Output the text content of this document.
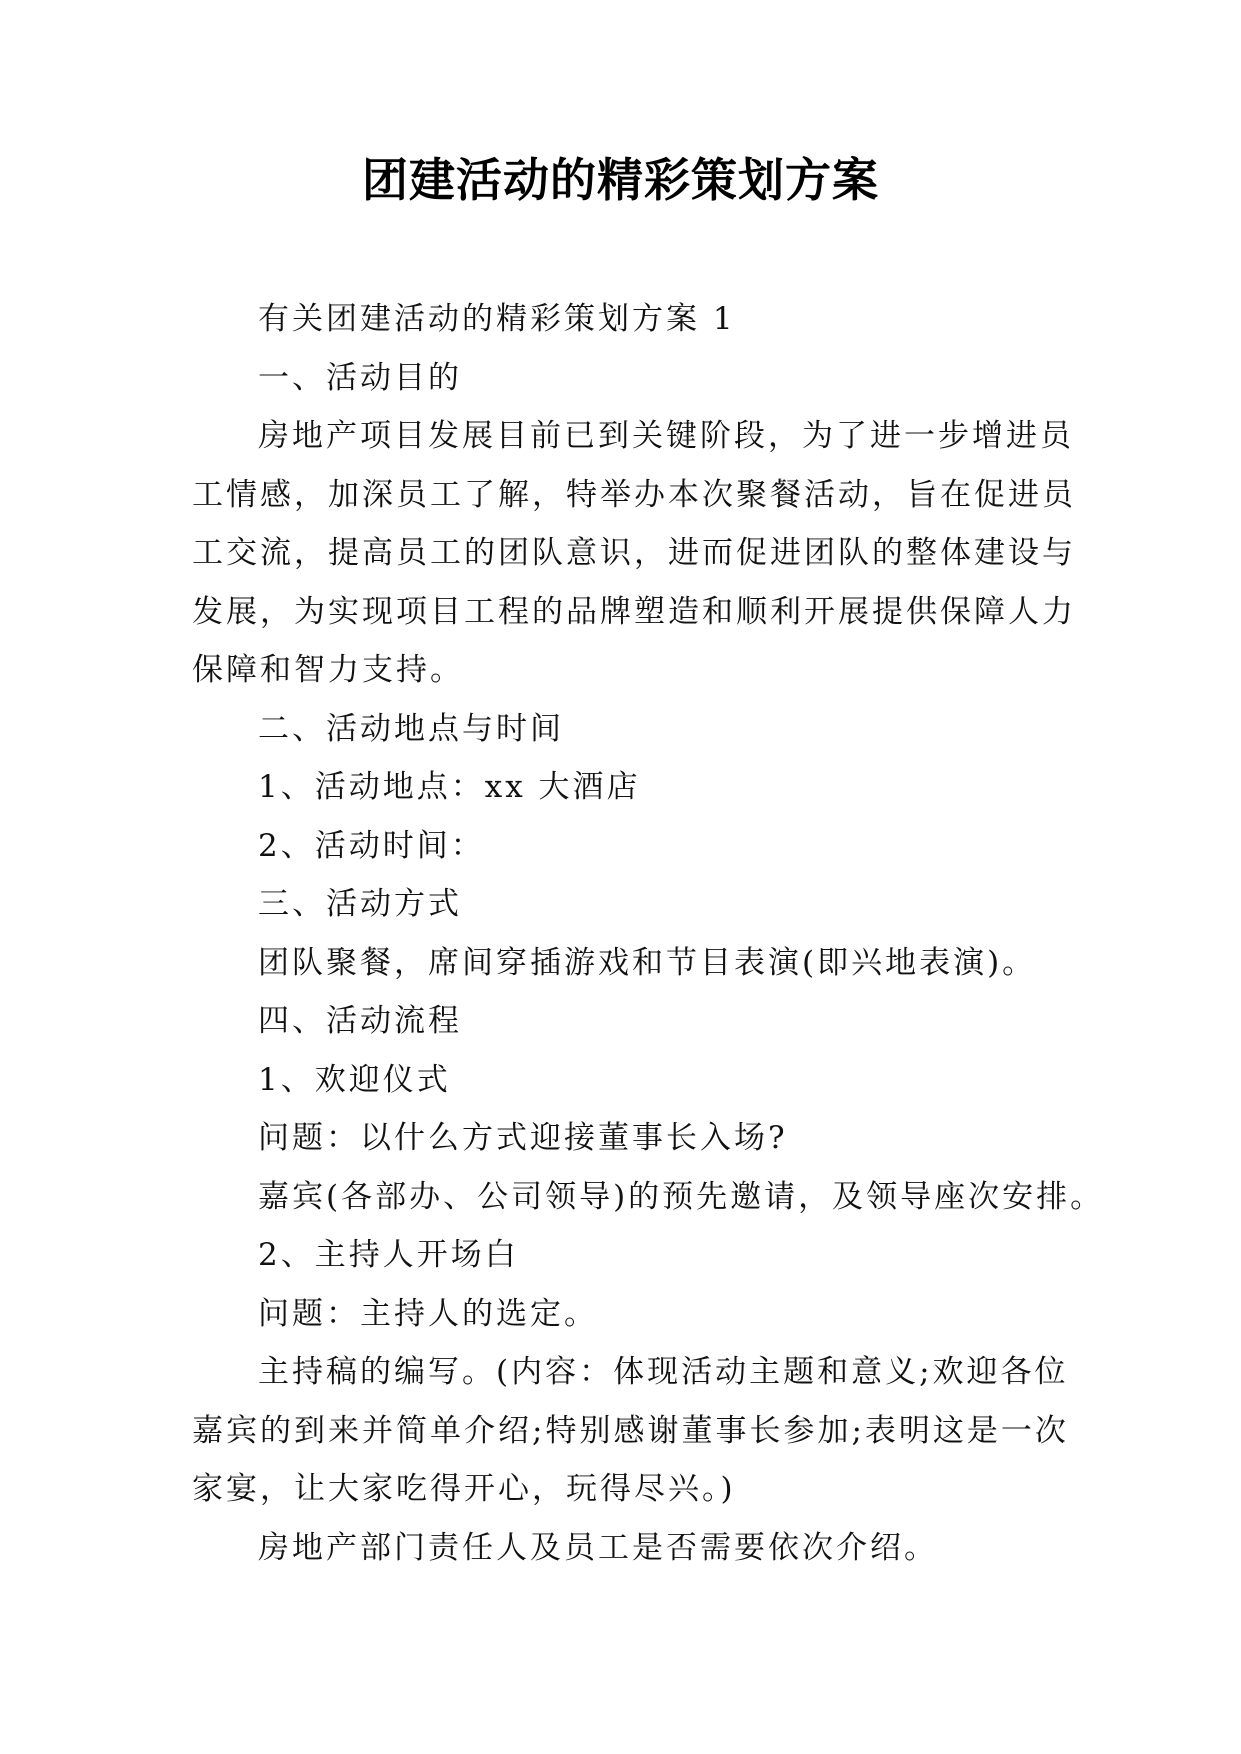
团建活动的精彩策划方案

有关团建活动的精彩策划方案 1

一、活动目的

房地产项目发展目前已到关键阶段，为了进一步增进员
工情感，加深员工了解，特举办本次聚餐活动，旨在促进员
工交流，提高员工的团队意识，进而促进团队的整体建设与
发展，为实现项目工程的品牌塑造和顺利开展提供保障人力
保障和智力支持。

二、活动地点与时间

1、活动地点：xx 大酒店

2、活动时间：

三、活动方式

团队聚餐，席间穿插游戏和节目表演(即兴地表演)。

四、活动流程

1、欢迎仪式

问题：以什么方式迎接董事长入场?

嘉宾(各部办、公司领导)的预先邀请，及领导座次安排。

2、主持人开场白

问题：主持人的选定。

主持稿的编写。(内容：体现活动主题和意义;欢迎各位
嘉宾的到来并简单介绍;特别感谢董事长参加;表明这是一次
家宴，让大家吃得开心，玩得尽兴。)

房地产部门责任人及员工是否需要依次介绍。
